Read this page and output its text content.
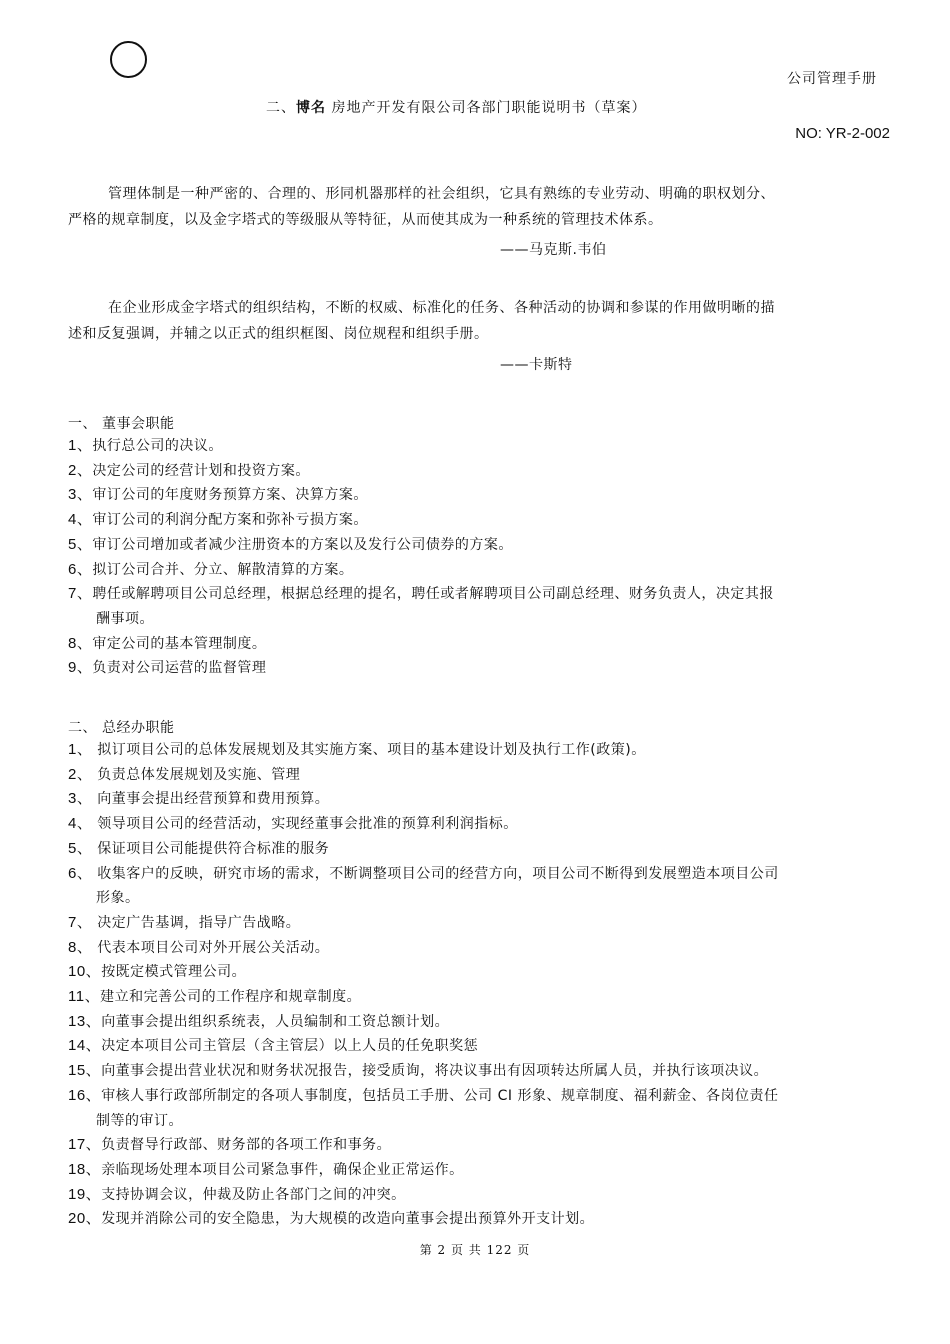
公司管理手册
二、博名 房地产开发有限公司各部门职能说明书（草案）
NO: YR-2-002
管理体制是一种严密的、合理的、形同机器那样的社会组织，它具有熟练的专业劳动、明确的职权划分、
严格的规章制度，以及金字塔式的等级服从等特征，从而使其成为一种系统的管理技术体系。
——马克斯.韦伯
在企业形成金字塔式的组织结构，不断的权威、标准化的任务、各种活动的协调和参谋的作用做明晰的描
述和反复强调，并辅之以正式的组织框图、岗位规程和组织手册。
——卡斯特
一、 董事会职能
1、执行总公司的决议。
2、决定公司的经营计划和投资方案。
3、审订公司的年度财务预算方案、决算方案。
4、审订公司的利润分配方案和弥补亏损方案。
5、审订公司增加或者减少注册资本的方案以及发行公司债券的方案。
6、拟订公司合并、分立、解散清算的方案。
7、聘任或解聘项目公司总经理，根据总经理的提名，聘任或者解聘项目公司副总经理、财务负责人，决定其报
酬事项。
8、审定公司的基本管理制度。
9、负责对公司运营的监督管理
二、 总经办职能
1、 拟订项目公司的总体发展规划及其实施方案、项目的基本建设计划及执行工作(政策)。
2、 负责总体发展规划及实施、管理
3、 向董事会提出经营预算和费用预算。
4、 领导项目公司的经营活动，实现经董事会批准的预算利利润指标。
5、 保证项目公司能提供符合标准的服务
6、 收集客户的反映，研究市场的需求，不断调整项目公司的经营方向，项目公司不断得到发展塑造本项目公司
形象。
7、 决定广告基调，指导广告战略。
8、 代表本项目公司对外开展公关活动。
10、按既定模式管理公司。
11、建立和完善公司的工作程序和规章制度。
13、向董事会提出组织系统表，人员编制和工资总额计划。
14、决定本项目公司主管层（含主管层）以上人员的任免职奖惩
15、向董事会提出营业状况和财务状况报告，接受质询，将决议事出有因项转达所属人员，并执行该项决议。
16、审核人事行政部所制定的各项人事制度，包括员工手册、公司 CI 形象、规章制度、福利薪金、各岗位责任
制等的审订。
17、负责督导行政部、财务部的各项工作和事务。
18、亲临现场处理本项目公司紧急事件，确保企业正常运作。
19、支持协调会议，仲裁及防止各部门之间的冲突。
20、发现并消除公司的安全隐患，为大规模的改造向董事会提出预算外开支计划。
第 2 页 共 122 页
